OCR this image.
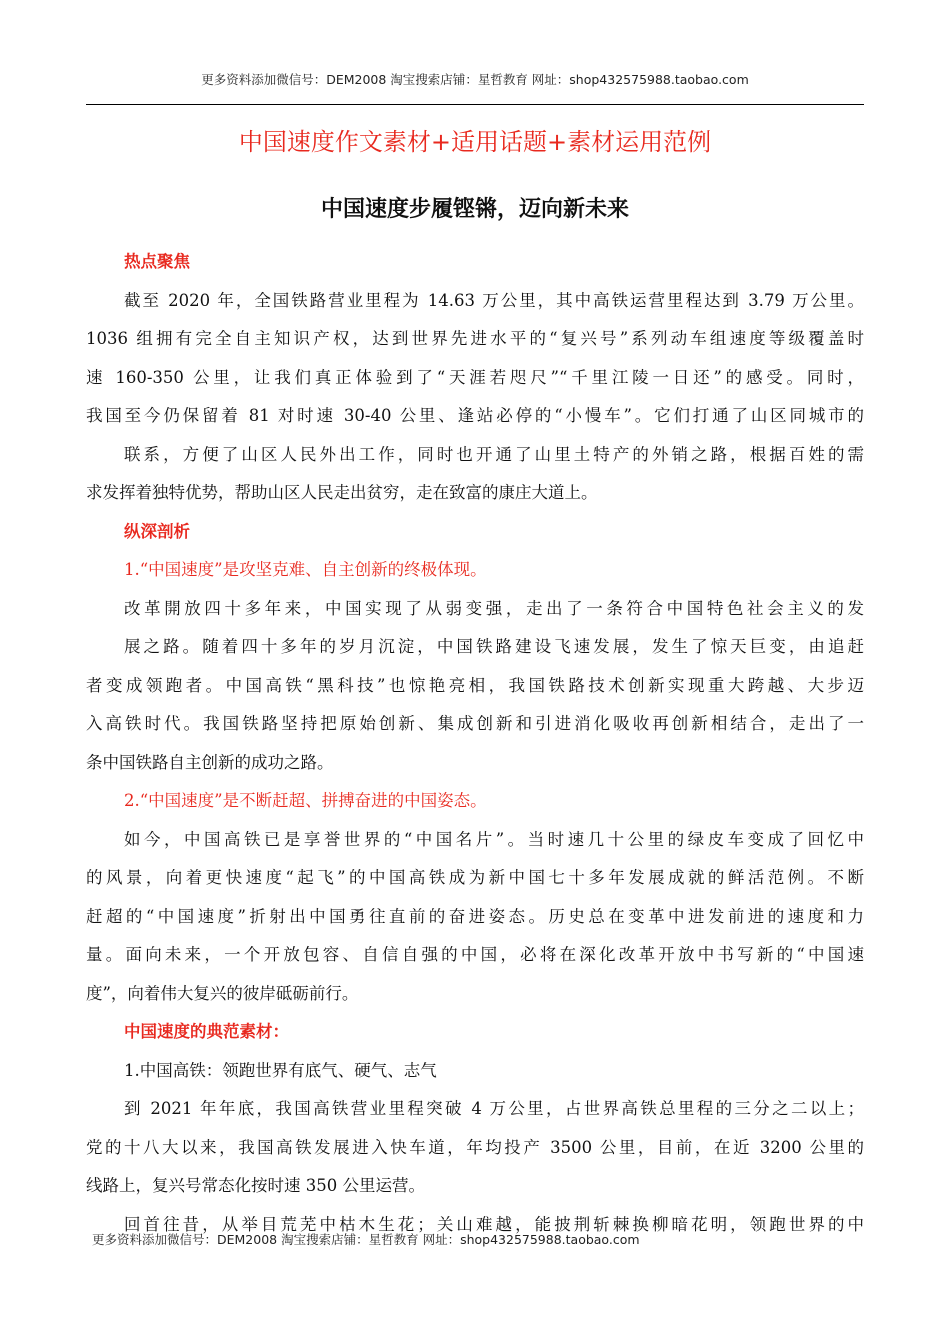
更多资料添加微信号：DEM2008 淘宝搜索店铺：星哲教育 网址：shop432575988.taobao.com
中国速度作文素材+适用话题+素材运用范例
中国速度步履铿锵，迈向新未来
热点聚焦
截至 2020 年，全国铁路营业里程为 14.63 万公里，其中高铁运营里程达到 3.79 万公里。
1036 组拥有完全自主知识产权，达到世界先进水平的“复兴号”系列动车组速度等级覆盖时
速 160-350 公里，让我们真正体验到了“天涯若咫尺”“千里江陵一日还”的感受。同时，
我国至今仍保留着 81 对时速 30-40 公里、逢站必停的“小慢车”。它们打通了山区同城市的
联系，方便了山区人民外出工作，同时也开通了山里土特产的外销之路，根据百姓的需
求发挥着独特优势，帮助山区人民走出贫穷，走在致富的康庄大道上。
纵深剖析
1.“中国速度”是攻坚克难、自主创新的终极体现。
改革開放四十多年来，中国实现了从弱变强，走出了一条符合中国特色社会主义的发
展之路。随着四十多年的岁月沉淀，中国铁路建设飞速发展，发生了惊天巨变，由追赶
者变成领跑者。中国高铁“黑科技”也惊艳亮相，我国铁路技术创新实现重大跨越、大步迈
入高铁时代。我国铁路坚持把原始创新、集成创新和引进消化吸收再创新相结合，走出了一
条中国铁路自主创新的成功之路。
2.“中国速度”是不断赶超、拼搏奋进的中国姿态。
如今，中国高铁已是享誉世界的“中国名片”。当时速几十公里的绿皮车变成了回忆中
的风景，向着更快速度“起飞”的中国高铁成为新中国七十多年发展成就的鲜活范例。不断
赶超的“中国速度”折射出中国勇往直前的奋进姿态。历史总在变革中进发前进的速度和力
量。面向未来，一个开放包容、自信自强的中国，必将在深化改革开放中书写新的“中国速
度”，向着伟大复兴的彼岸砥砺前行。
中国速度的典范素材：
1.中国高铁：领跑世界有底气、硬气、志气
到 2021 年年底，我国高铁营业里程突破 4 万公里，占世界高铁总里程的三分之二以上；
党的十八大以来，我国高铁发展进入快车道，年均投产 3500 公里，目前，在近 3200 公里的
线路上，复兴号常态化按时速 350 公里运营。
回首往昔，从举目荒芜中枯木生花；关山难越，能披荆斩棘换柳暗花明，领跑世界的中
更多资料添加微信号：DEM2008 淘宝搜索店铺：星哲教育 网址：shop432575988.taobao.com
